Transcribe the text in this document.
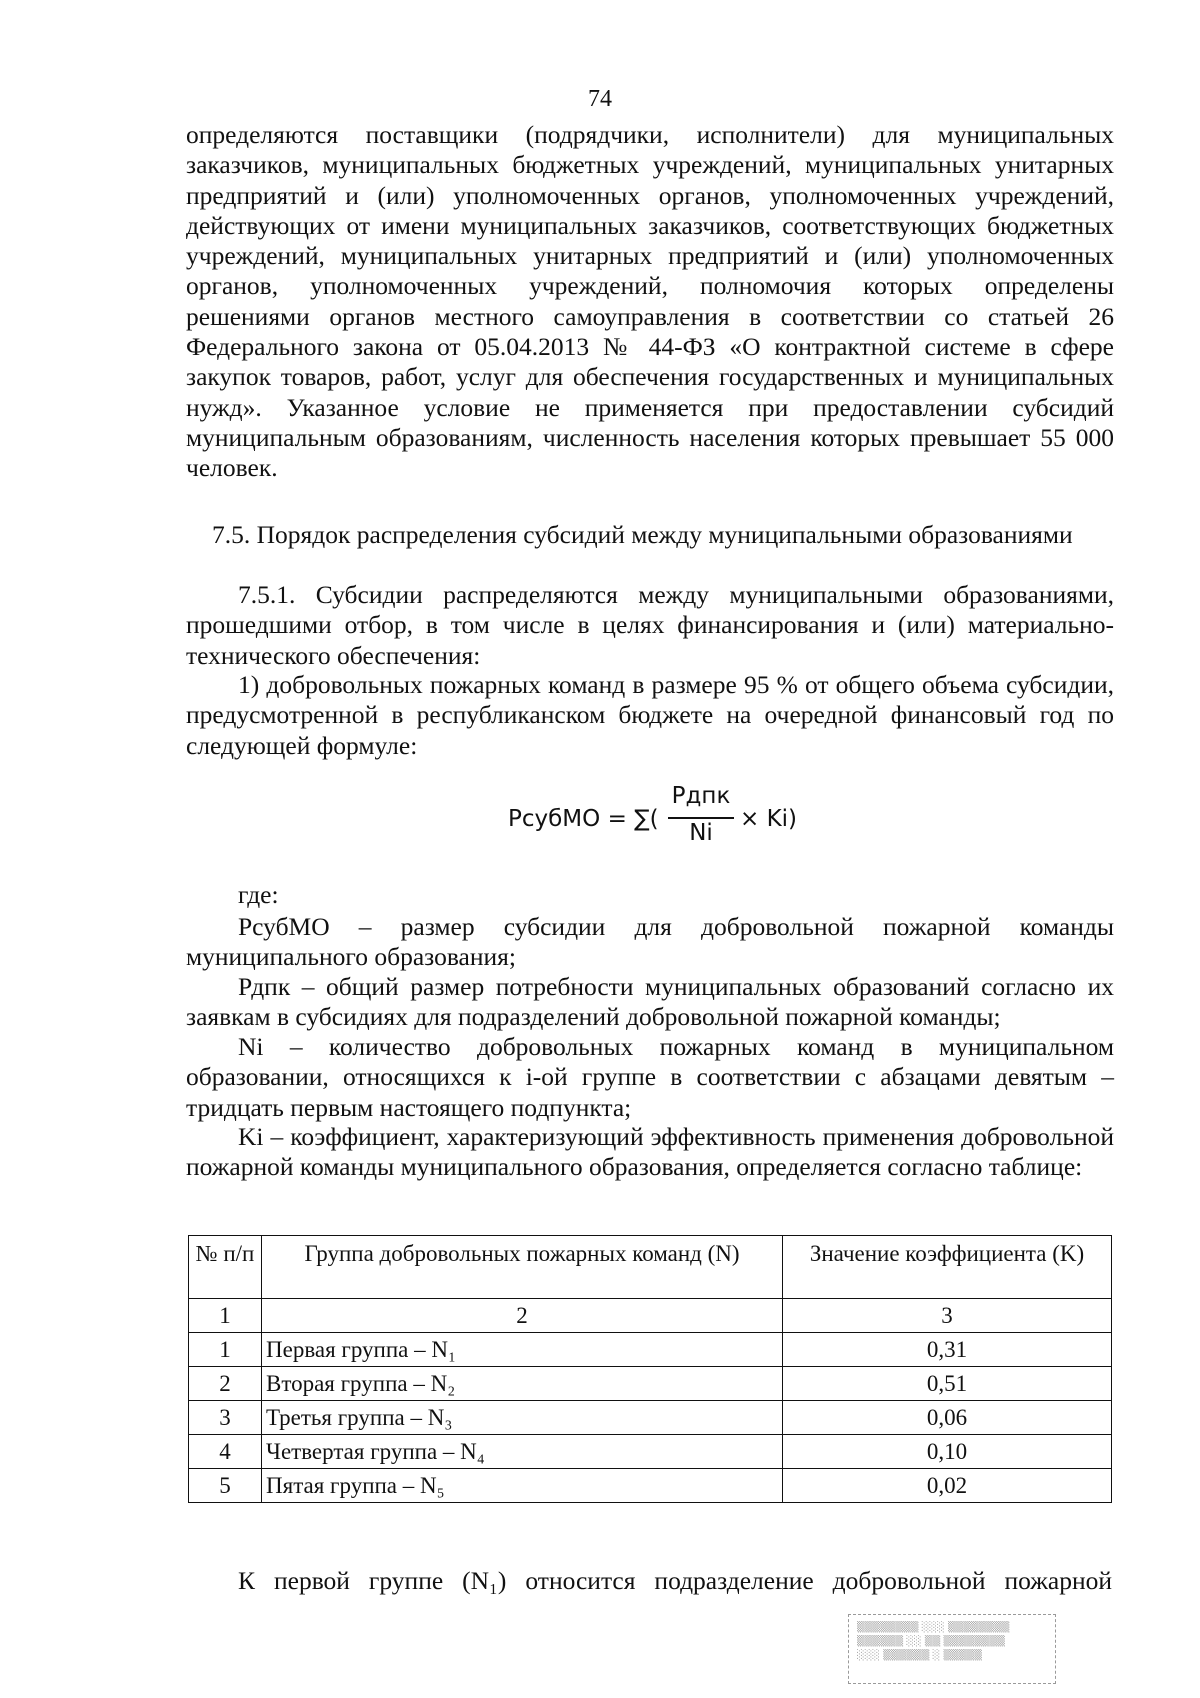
74
определяются поставщики (подрядчики, исполнители) для муниципальных заказчиков, муниципальных бюджетных учреждений, муниципальных унитарных предприятий и (или) уполномоченных органов, уполномоченных учреждений, действующих от имени муниципальных заказчиков, соответствующих бюджетных учреждений, муниципальных унитарных предприятий и (или) уполномоченных органов, уполномоченных учреждений, полномочия которых определены решениями органов местного самоуправления в соответствии со статьей 26 Федерального закона от 05.04.2013 № 44-ФЗ «О контрактной системе в сфере закупок товаров, работ, услуг для обеспечения государственных и муниципальных нужд». Указанное условие не применяется при предоставлении субсидий муниципальным образованиям, численность населения которых превышает 55 000 человек.
7.5. Порядок распределения субсидий между муниципальными образованиями
7.5.1. Субсидии распределяются между муниципальными образованиями, прошедшими отбор, в том числе в целях финансирования и (или) материально-технического обеспечения:
1) добровольных пожарных команд в размере 95 % от общего объема субсидии, предусмотренной в республиканском бюджете на очередной финансовый год по следующей формуле:
РсубМО = ∑(
Рдпк
Ni
× Ki)
где:
РсубМО – размер субсидии для добровольной пожарной команды муниципального образования;
Рдпк – общий размер потребности муниципальных образований согласно их заявкам в субсидиях для подразделений добровольной пожарной команды;
Ni – количество добровольных пожарных команд в муниципальном образовании, относящихся к i-ой группе в соответствии с абзацами девятым – тридцать первым настоящего подпункта;
Ki – коэффициент, характеризующий эффективность применения добровольной пожарной команды муниципального образования, определяется согласно таблице:
№ п/п	Группа добровольных пожарных команд (N)	Значение коэффициента (K)
1	2	3
1	Первая группа – N₁	0,31
2	Вторая группа – N₂	0,51
3	Третья группа – N₃	0,06
4	Четвертая группа – N₄	0,10
5	Пятая группа – N₅	0,02
К первой группе (N₁) относится подразделение добровольной пожарной
▒▒▒▒▒▒▒▒ ░░░ ▒▒▒▒▒▒▒▒
▒▒▒▒▒▒ ░░ ▒▒ ▒▒▒▒▒▒▒▒
░░░ ▒▒▒▒▒▒ ░ ▒▒▒▒▒
